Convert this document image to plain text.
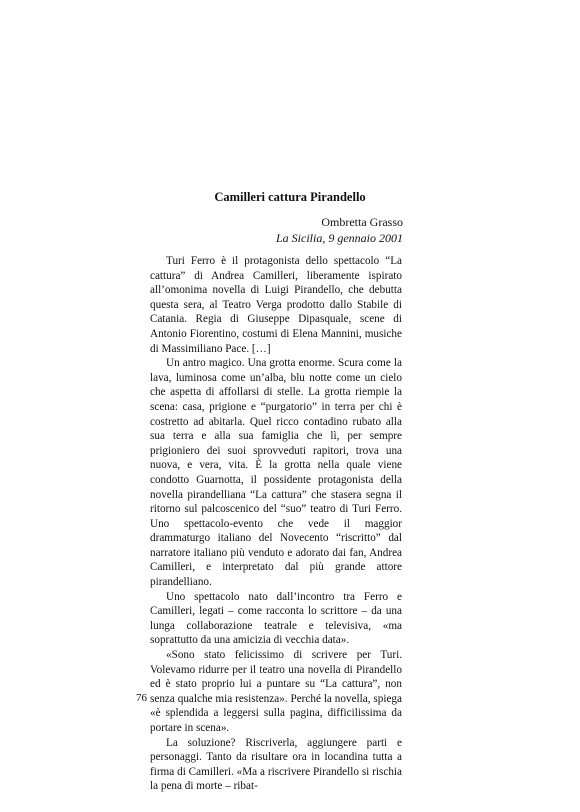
Camilleri cattura Pirandello
Ombretta Grasso
La Sicilia, 9 gennaio 2001

Turi Ferro è il protagonista dello spettacolo “La cattura” di Andrea Camilleri, liberamente ispirato all’omonima novella di Luigi Pirandello, che debutta questa sera, al Teatro Verga prodotto dallo Stabile di Catania. Regia di Giuseppe Dipasquale, scene di Antonio Fiorentino, costumi di Elena Mannini, musiche di Massimiliano Pace. […]

Un antro magico. Una grotta enorme. Scura come la lava, luminosa come un’alba, blu notte come un cielo che aspetta di affollarsi di stelle. La grotta riempie la scena: casa, prigione e “purgatorio” in terra per chi è costretto ad abitarla. Quel ricco contadino rubato alla sua terra e alla sua famiglia che lì, per sempre prigioniero dei suoi sprovveduti rapitori, trova una nuova, e vera, vita. È la grotta nella quale viene condotto Guarnotta, il possidente protagonista della novella pirandelliana “La cattura” che stasera segna il ritorno sul palcoscenico del “suo” teatro di Turi Ferro. Uno spettacolo-evento che vede il maggior drammaturgo italiano del Novecento “riscritto” dal narratore italiano più venduto e adorato dai fan, Andrea Camilleri, e interpretato dal più grande attore pirandelliano.

Uno spettacolo nato dall’incontro tra Ferro e Camilleri, legati – come racconta lo scrittore – da una lunga collaborazione teatrale e televisiva, «ma soprattutto da una amicizia di vecchia data».

«Sono stato felicissimo di scrivere per Turi. Volevamo ridurre per il teatro una novella di Pirandello ed è stato proprio lui a puntare su “La cattura”, non senza qualche mia resistenza». Perché la novella, spiega «è splendida a leggersi sulla pagina, difficilissima da portare in scena».

La soluzione? Riscriverla, aggiungere parti e personaggi. Tanto da risultare ora in locandina tutta a firma di Camilleri. «Ma a riscrivere Pirandello si rischia la pena di morte – ribat-

76
